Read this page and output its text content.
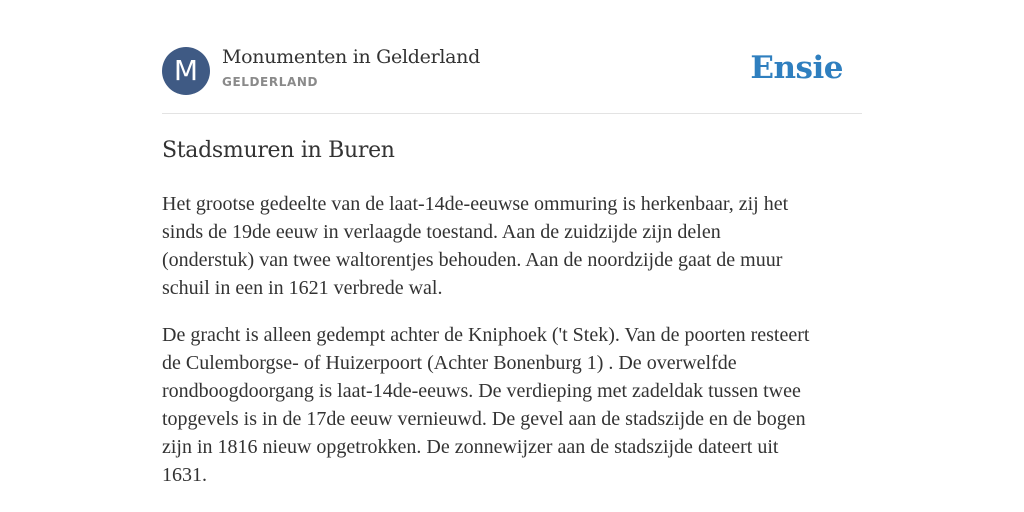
M	Monumenten in Gelderland
GELDERLAND	Ensie
Stadsmuren in Buren

Het grootse gedeelte van de laat-14de-eeuwse ommuring is herkenbaar, zij het
sinds de 19de eeuw in verlaagde toestand. Aan de zuidzijde zijn delen
(onderstuk) van twee waltorentjes behouden. Aan de noordzijde gaat de muur
schuil in een in 1621 verbrede wal.

De gracht is alleen gedempt achter de Kniphoek ('t Stek). Van de poorten resteert
de Culemborgse- of Huizerpoort (Achter Bonenburg 1) . De overwelfde
rondboogdoorgang is laat-14de-eeuws. De verdieping met zadeldak tussen twee
topgevels is in de 17de eeuw vernieuwd. De gevel aan de stadszijde en de bogen
zijn in 1816 nieuw opgetrokken. De zonnewijzer aan de stadszijde dateert uit
1631.
